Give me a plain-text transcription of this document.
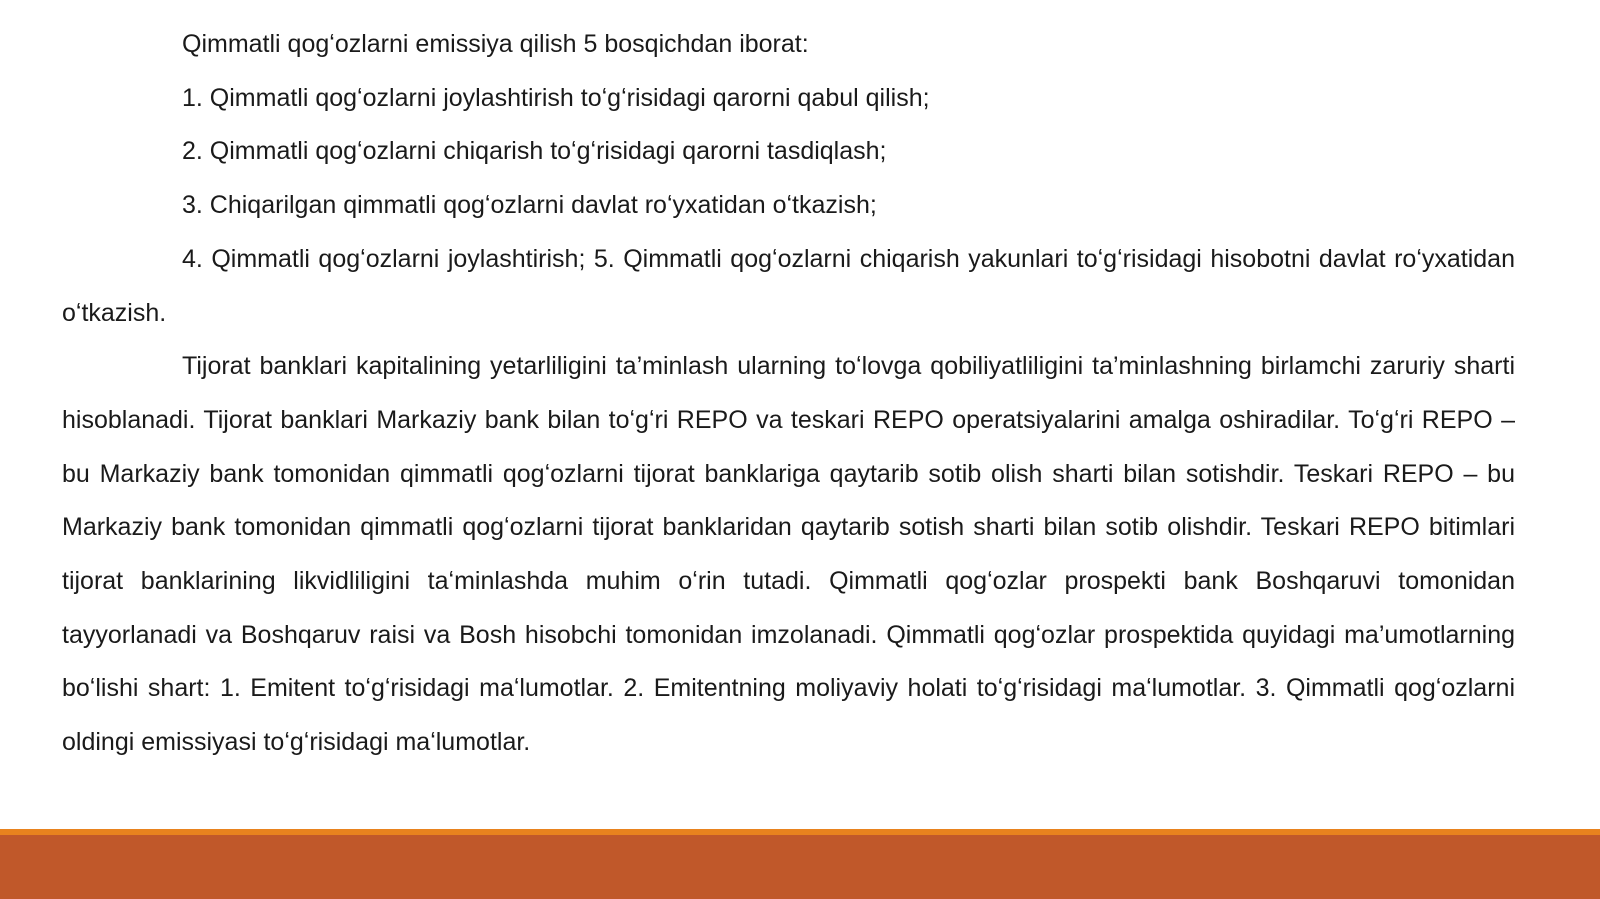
Qimmatli qogʻozlarni emissiya qilish 5 bosqichdan iborat:

1. Qimmatli qogʻozlarni joylashtirish toʻgʻrisidagi qarorni qabul qilish;

2. Qimmatli qogʻozlarni chiqarish toʻgʻrisidagi qarorni tasdiqlash;

3. Chiqarilgan qimmatli qogʻozlarni davlat roʻyxatidan oʻtkazish;

4. Qimmatli qogʻozlarni joylashtirish; 5. Qimmatli qogʻozlarni chiqarish yakunlari toʻgʻrisidagi hisobotni davlat roʻyxatidan oʻtkazish.

Tijorat banklari kapitalining yetarliligini ta’minlash ularning toʻlovga qobiliyatliligini ta’minlashning birlamchi zaruriy sharti hisoblanadi. Tijorat banklari Markaziy bank bilan toʻgʻri REPO va teskari REPO operatsiyalarini amalga oshiradilar. Toʻgʻri REPO – bu Markaziy bank tomonidan qimmatli qogʻozlarni tijorat banklariga qaytarib sotib olish sharti bilan sotishdir. Teskari REPO – bu Markaziy bank tomonidan qimmatli qogʻozlarni tijorat banklaridan qaytarib sotish sharti bilan sotib olishdir. Teskari REPO bitimlari tijorat banklarining likvidliligini taʻminlashda muhim oʻrin tutadi. Qimmatli qogʻozlar prospekti bank Boshqaruvi tomonidan tayyorlanadi va Boshqaruv raisi va Bosh hisobchi tomonidan imzolanadi. Qimmatli qogʻozlar prospektida quyidagi ma’umotlarning boʻlishi shart: 1. Emitent toʻgʻrisidagi maʻlumotlar. 2. Emitentning moliyaviy holati toʻgʻrisidagi maʻlumotlar. 3. Qimmatli qogʻozlarni oldingi emissiyasi toʻgʻrisidagi maʻlumotlar.
